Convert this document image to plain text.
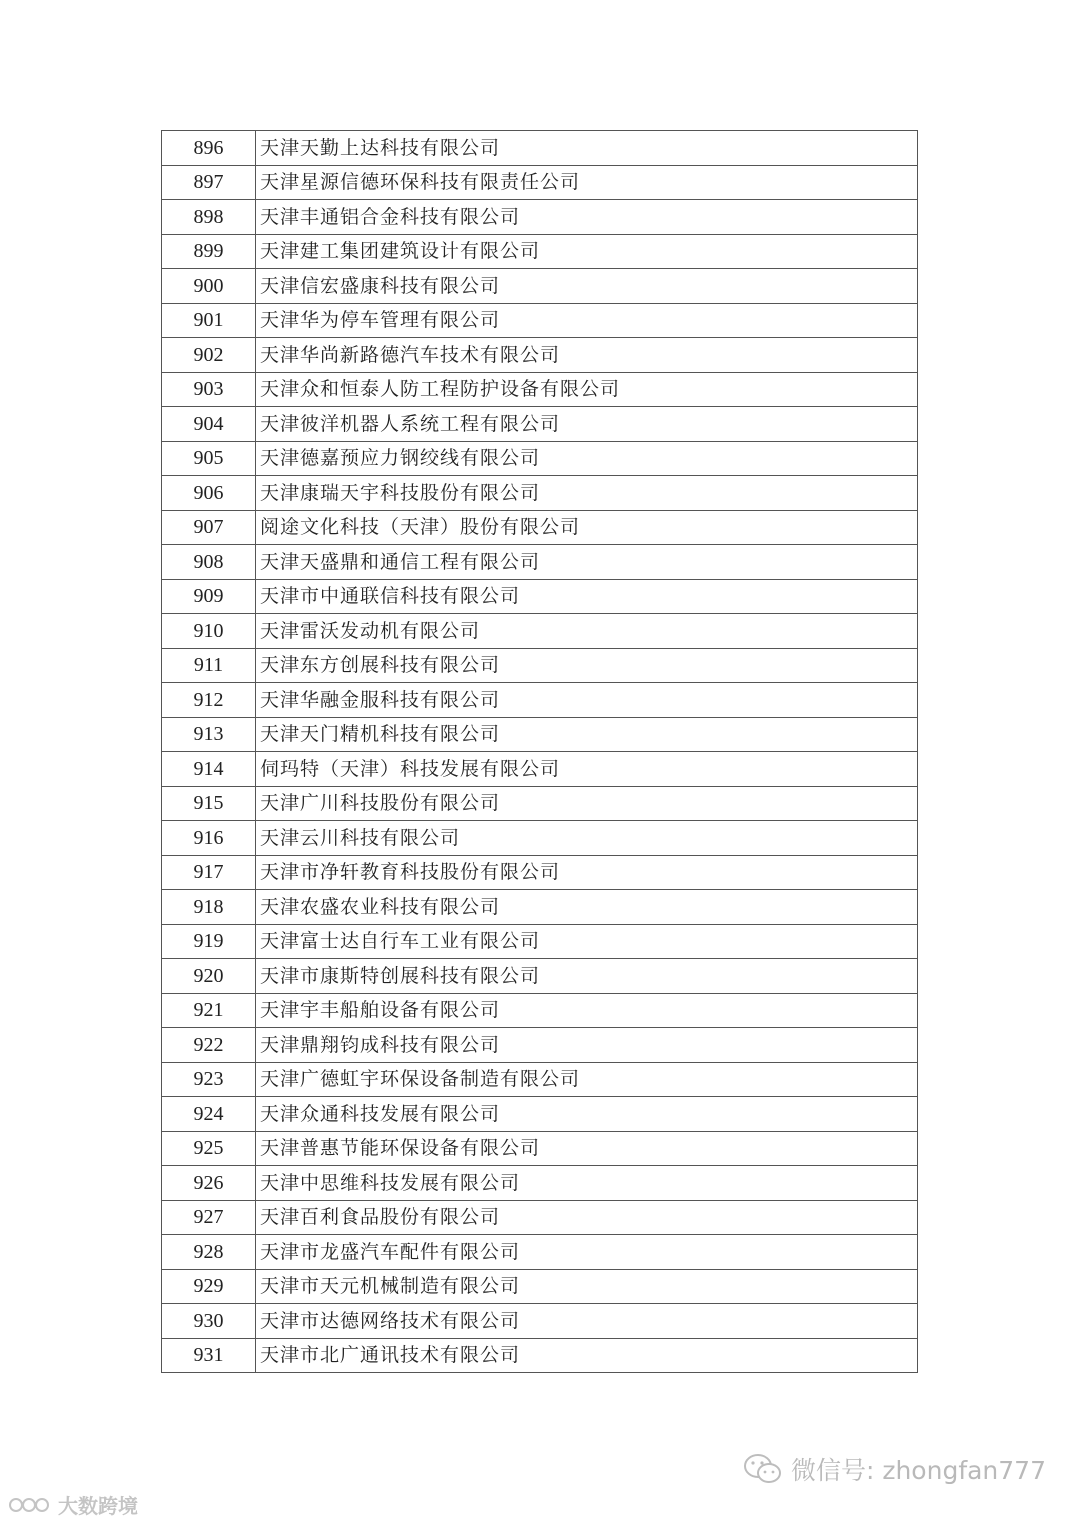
896	天津天勤上达科技有限公司
897	天津星源信德环保科技有限责任公司
898	天津丰通铝合金科技有限公司
899	天津建工集团建筑设计有限公司
900	天津信宏盛康科技有限公司
901	天津华为停车管理有限公司
902	天津华尚新路德汽车技术有限公司
903	天津众和恒泰人防工程防护设备有限公司
904	天津彼洋机器人系统工程有限公司
905	天津德嘉预应力钢绞线有限公司
906	天津康瑞天宇科技股份有限公司
907	阅途文化科技（天津）股份有限公司
908	天津天盛鼎和通信工程有限公司
909	天津市中通联信科技有限公司
910	天津雷沃发动机有限公司
911	天津东方创展科技有限公司
912	天津华融金服科技有限公司
913	天津天门精机科技有限公司
914	伺玛特（天津）科技发展有限公司
915	天津广川科技股份有限公司
916	天津云川科技有限公司
917	天津市净轩教育科技股份有限公司
918	天津农盛农业科技有限公司
919	天津富士达自行车工业有限公司
920	天津市康斯特创展科技有限公司
921	天津宇丰船舶设备有限公司
922	天津鼎翔钧成科技有限公司
923	天津广德虹宇环保设备制造有限公司
924	天津众通科技发展有限公司
925	天津普惠节能环保设备有限公司
926	天津中思维科技发展有限公司
927	天津百利食品股份有限公司
928	天津市龙盛汽车配件有限公司
929	天津市天元机械制造有限公司
930	天津市达德网络技术有限公司
931	天津市北广通讯技术有限公司
微信号: zhongfan777
大数跨境
